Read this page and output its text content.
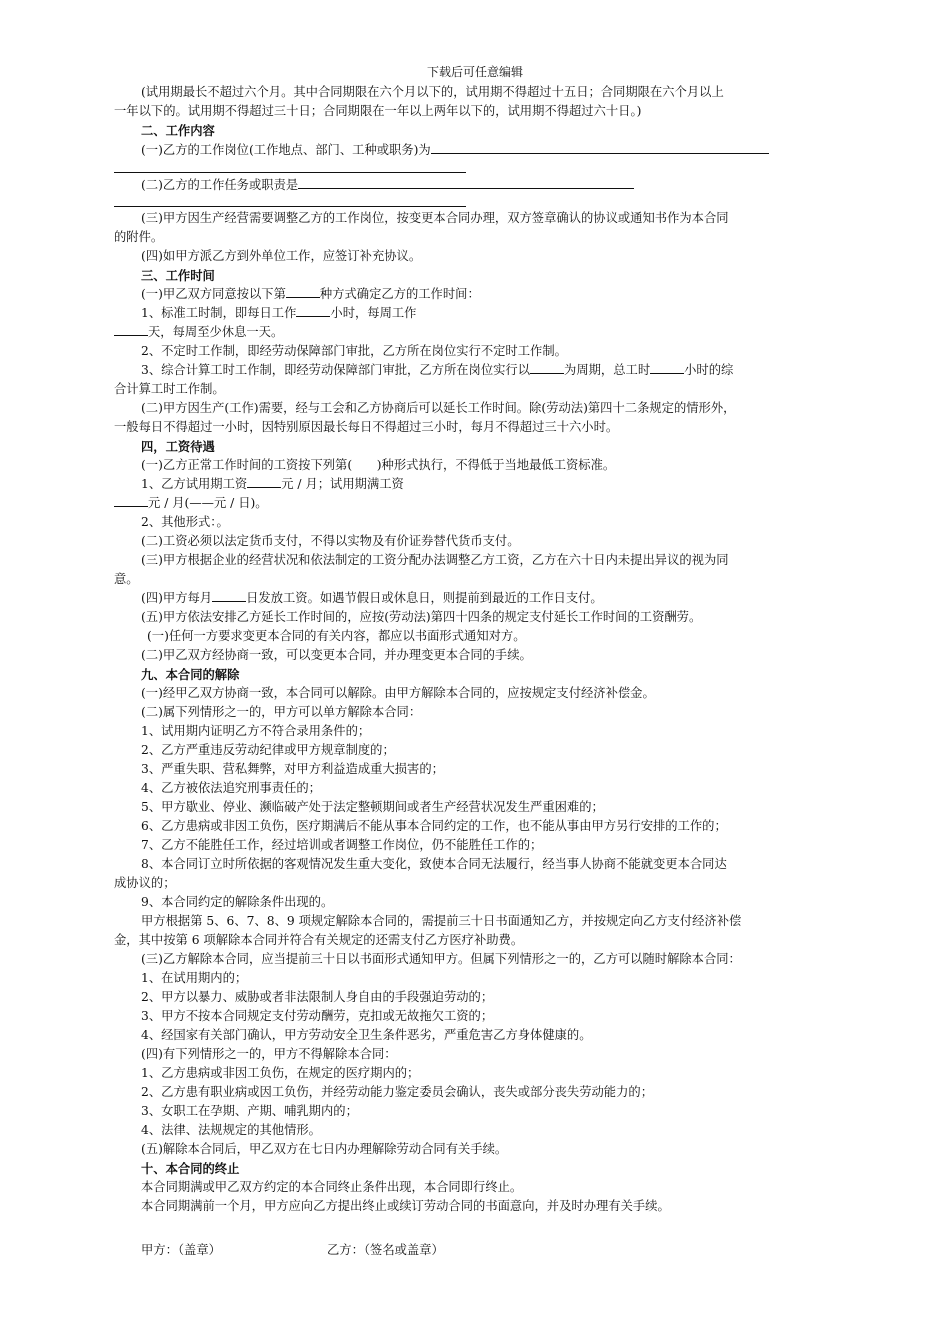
下载后可任意编辑
(试用期最长不超过六个月。其中合同期限在六个月以下的，试用期不得超过十五日；合同期限在六个月以上
一年以下的。试用期不得超过三十日；合同期限在一年以上两年以下的，试用期不得超过六十日。)
二、工作内容
(一)乙方的工作岗位(工作地点、部门、工种或职务)为
(二)乙方的工作任务或职责是
(三)甲方因生产经营需要调整乙方的工作岗位，按变更本合同办理，双方签章确认的协议或通知书作为本合同
的附件。
(四)如甲方派乙方到外单位工作，应签订补充协议。
三、工作时间
(一)甲乙双方同意按以下第	种方式确定乙方的工作时间：
1、标准工时制，即每日工作	小时，每周工作
天，每周至少休息一天。
2、不定时工作制，即经劳动保障部门审批，乙方所在岗位实行不定时工作制。
3、综合计算工时工作制，即经劳动保障部门审批，乙方所在岗位实行以	为周期，总工时	小时的综
合计算工时工作制。
(二)甲方因生产(工作)需要，经与工会和乙方协商后可以延长工作时间。除(劳动法)第四十二条规定的情形外，
一般每日不得超过一小时，因特别原因最长每日不得超过三小时，每月不得超过三十六小时。
四，工资待遇
(一)乙方正常工作时间的工资按下列第(　　)种形式执行，不得低于当地最低工资标准。
1、乙方试用期工资	元 / 月；试用期满工资
元 / 月(——元 / 日)。
2、其他形式：。
(二)工资必须以法定货币支付，不得以实物及有价证券替代货币支付。
(三)甲方根据企业的经营状况和依法制定的工资分配办法调整乙方工资，乙方在六十日内未提出异议的视为同
意。
(四)甲方每月	日发放工资。如遇节假日或休息日，则提前到最近的工作日支付。
(五)甲方依法安排乙方延长工作时间的，应按(劳动法)第四十四条的规定支付延长工作时间的工资酬劳。
(一)任何一方要求变更本合同的有关内容，都应以书面形式通知对方。
(二)甲乙双方经协商一致，可以变更本合同，并办理变更本合同的手续。
九、本合同的解除
(一)经甲乙双方协商一致，本合同可以解除。由甲方解除本合同的，应按规定支付经济补偿金。
(二)属下列情形之一的，甲方可以单方解除本合同：
1、试用期内证明乙方不符合录用条件的；
2、乙方严重违反劳动纪律或甲方规章制度的；
3、严重失职、营私舞弊，对甲方利益造成重大损害的；
4、乙方被依法追究刑事责任的；
5、甲方歇业、停业、濒临破产处于法定整顿期间或者生产经营状况发生严重困难的；
6、乙方患病或非因工负伤，医疗期满后不能从事本合同约定的工作，也不能从事由甲方另行安排的工作的；
7、乙方不能胜任工作，经过培训或者调整工作岗位，仍不能胜任工作的；
8、本合同订立时所依据的客观情况发生重大变化，致使本合同无法履行，经当事人协商不能就变更本合同达
成协议的；
9、本合同约定的解除条件出现的。
甲方根据第 5、6、7、8、9 项规定解除本合同的，需提前三十日书面通知乙方，并按规定向乙方支付经济补偿
金，其中按第 6 项解除本合同并符合有关规定的还需支付乙方医疗补助费。
(三)乙方解除本合同，应当提前三十日以书面形式通知甲方。但属下列情形之一的，乙方可以随时解除本合同：
1、在试用期内的；
2、甲方以暴力、威胁或者非法限制人身自由的手段强迫劳动的；
3、甲方不按本合同规定支付劳动酬劳，克扣或无故拖欠工资的；
4、经国家有关部门确认，甲方劳动安全卫生条件恶劣，严重危害乙方身体健康的。
(四)有下列情形之一的，甲方不得解除本合同：
1、乙方患病或非因工负伤，在规定的医疗期内的；
2、乙方患有职业病或因工负伤，并经劳动能力鉴定委员会确认，丧失或部分丧失劳动能力的；
3、女职工在孕期、产期、哺乳期内的；
4、法律、法规规定的其他情形。
(五)解除本合同后，甲乙双方在七日内办理解除劳动合同有关手续。
十、本合同的终止
本合同期满或甲乙双方约定的本合同终止条件出现，本合同即行终止。
本合同期满前一个月，甲方应向乙方提出终止或续订劳动合同的书面意向，并及时办理有关手续。
甲方：（盖章）	乙方：（签名或盖章）
